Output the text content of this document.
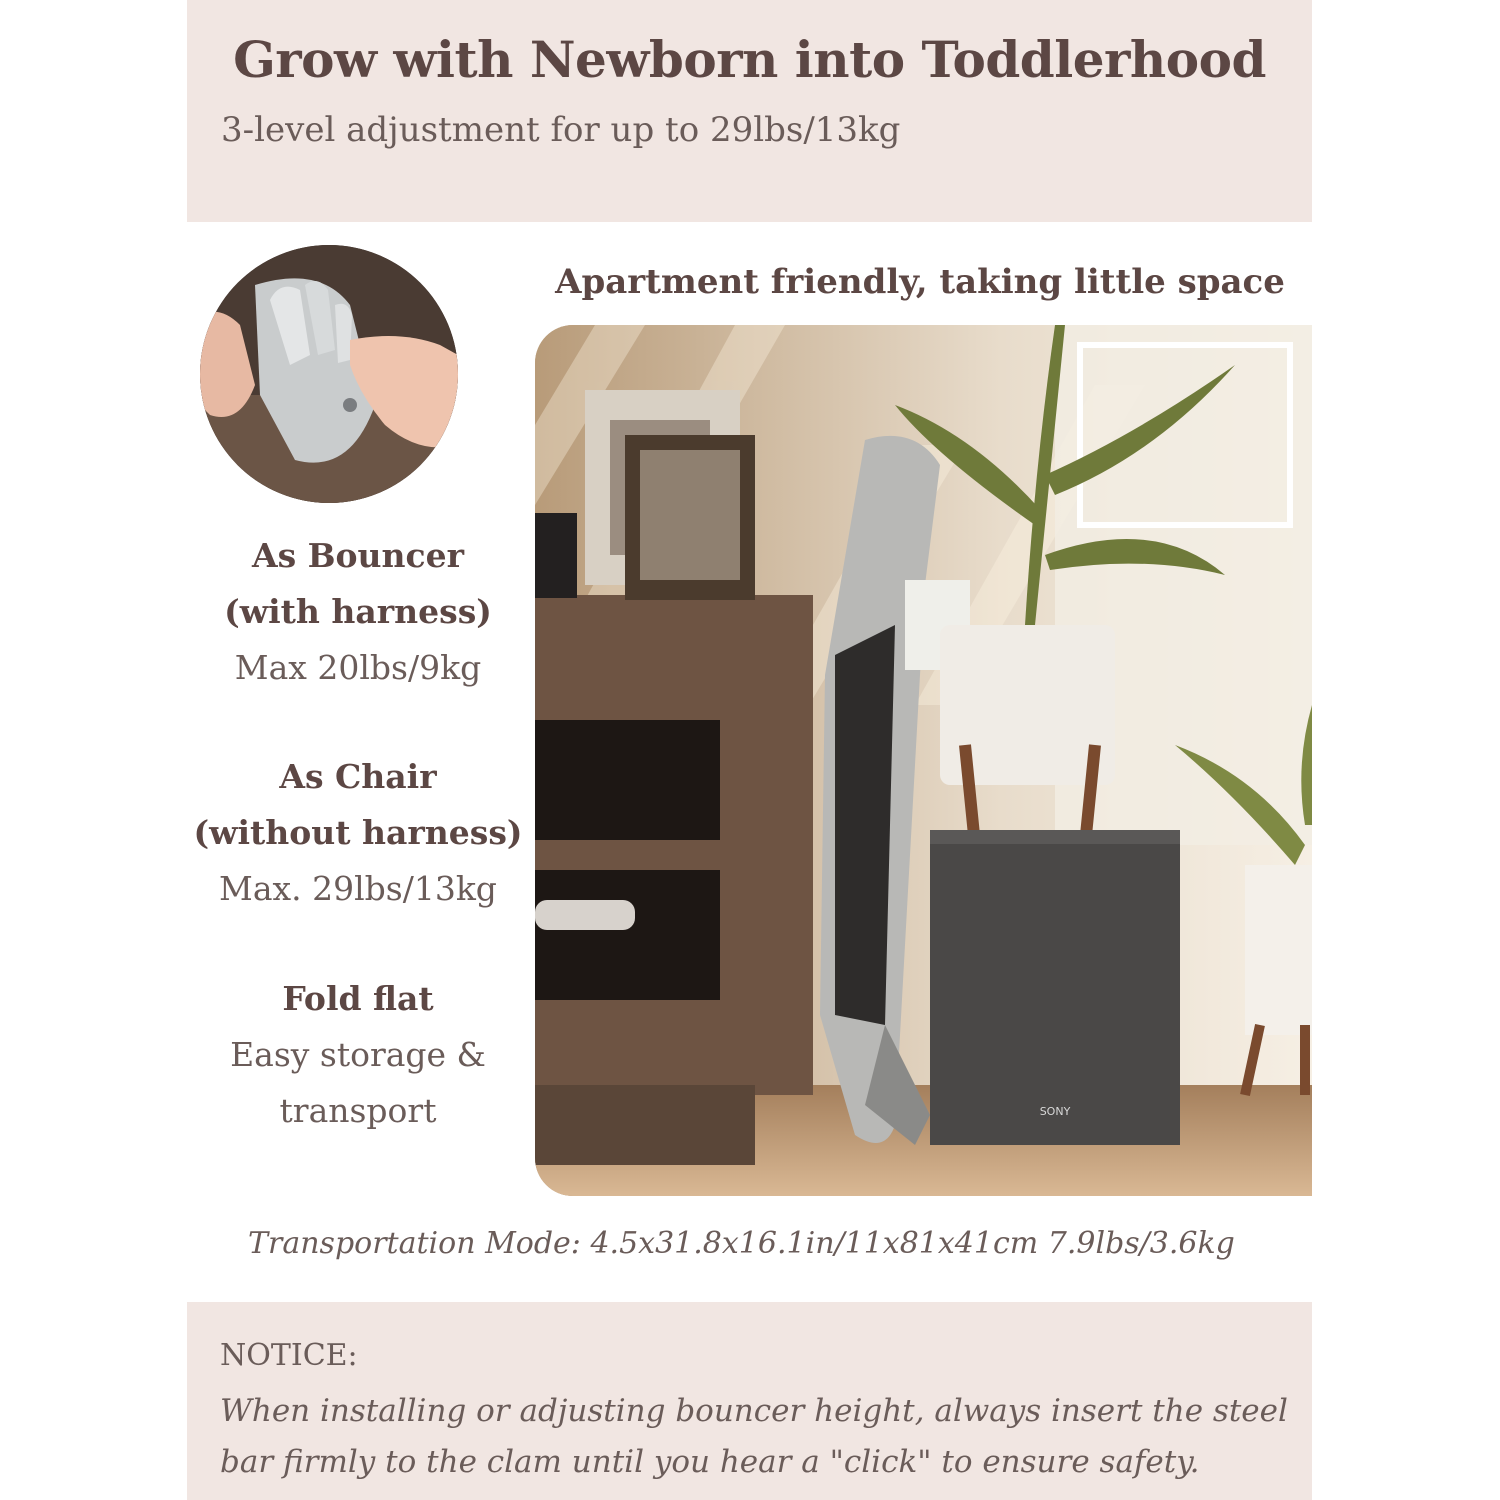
Grow with Newborn into Toddlerhood
3-level adjustment for up to 29lbs/13kg
As Bouncer
(with harness)
Max 20lbs/9kg
As Chair
(without harness)
Max. 29lbs/13kg
Fold flat
Easy storage &
transport
Apartment friendly, taking little space
SONY
Transportation Mode: 4.5x31.8x16.1in/11x81x41cm 7.9lbs/3.6kg
NOTICE:
When installing or adjusting bouncer height, always insert the steel bar firmly to the clam until you hear a "click" to ensure safety.
